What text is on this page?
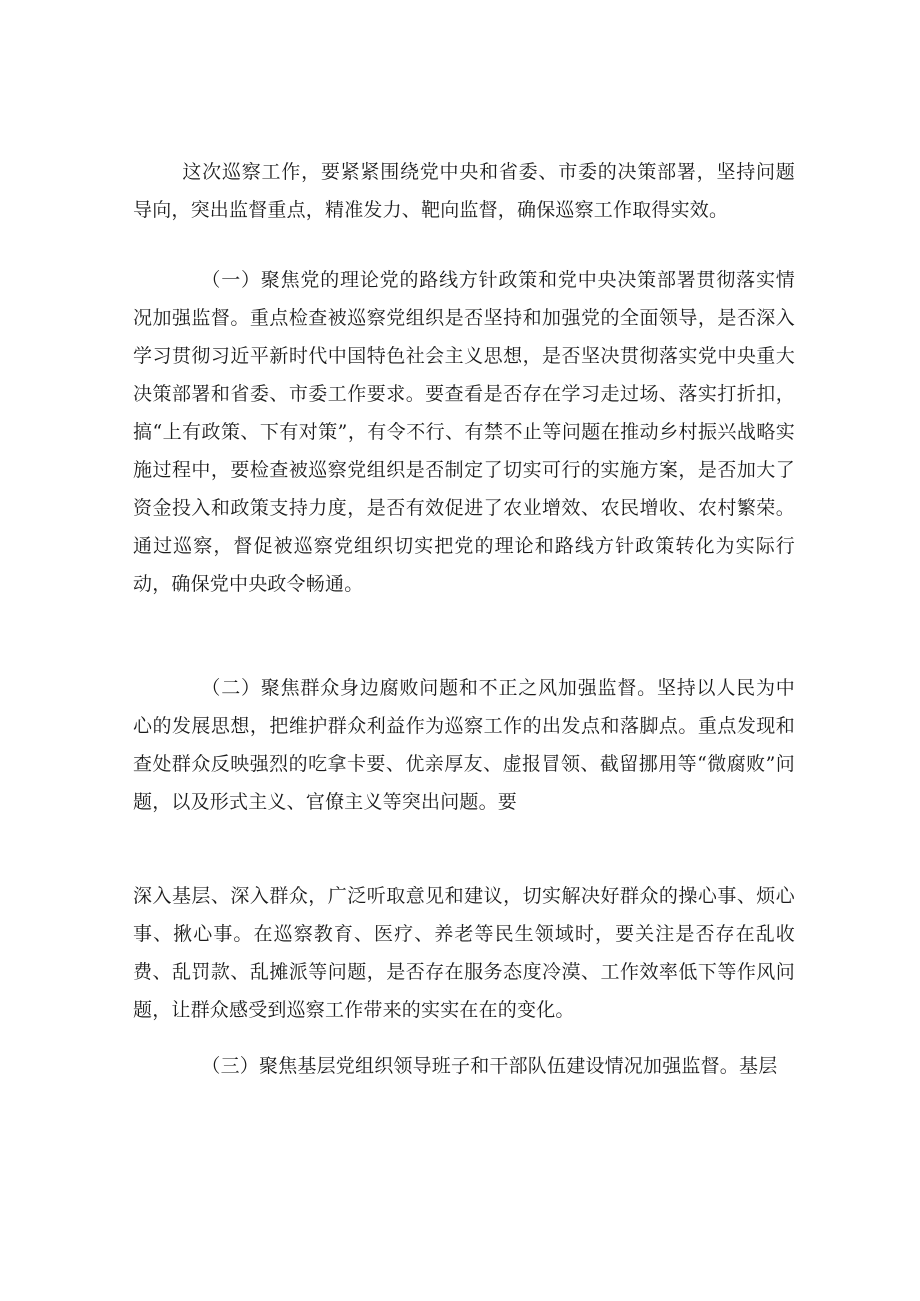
这次巡察工作，要紧紧围绕党中央和省委、市委的决策部署，坚持问题导向，突出监督重点，精准发力、靶向监督，确保巡察工作取得实效。

（一）聚焦党的理论党的路线方针政策和党中央决策部署贯彻落实情况加强监督。重点检查被巡察党组织是否坚持和加强党的全面领导，是否深入学习贯彻习近平新时代中国特色社会主义思想，是否坚决贯彻落实党中央重大决策部署和省委、市委工作要求。要查看是否存在学习走过场、落实打折扣，搞“上有政策、下有对策”，有令不行、有禁不止等问题在推动乡村振兴战略实施过程中，要检查被巡察党组织是否制定了切实可行的实施方案，是否加大了资金投入和政策支持力度，是否有效促进了农业增效、农民增收、农村繁荣。通过巡察，督促被巡察党组织切实把党的理论和路线方针政策转化为实际行动，确保党中央政令畅通。

（二）聚焦群众身边腐败问题和不正之风加强监督。坚持以人民为中心的发展思想，把维护群众利益作为巡察工作的出发点和落脚点。重点发现和查处群众反映强烈的吃拿卡要、优亲厚友、虚报冒领、截留挪用等“微腐败”问题，以及形式主义、官僚主义等突出问题。要

深入基层、深入群众，广泛听取意见和建议，切实解决好群众的操心事、烦心事、揪心事。在巡察教育、医疗、养老等民生领域时，要关注是否存在乱收费、乱罚款、乱摊派等问题，是否存在服务态度冷漠、工作效率低下等作风问题，让群众感受到巡察工作带来的实实在在的变化。

（三）聚焦基层党组织领导班子和干部队伍建设情况加强监督。基层
